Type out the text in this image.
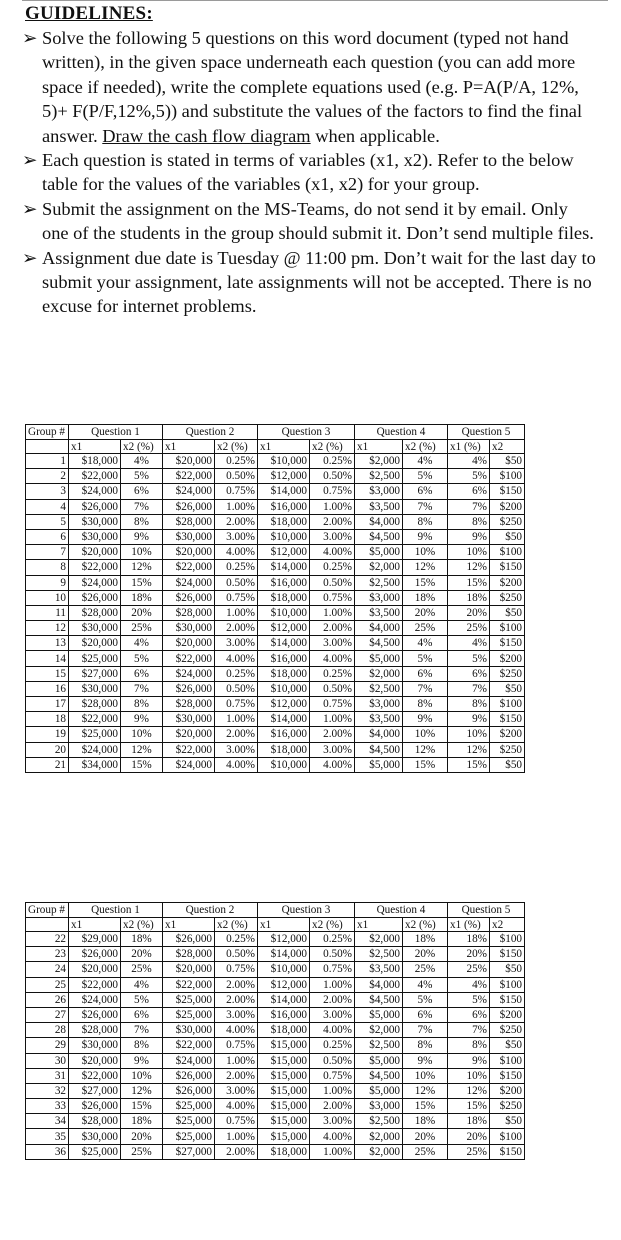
GUIDELINES:
➢ Solve the following 5 questions on this word document (typed not hand written), in the given space underneath each question (you can add more space if needed), write the complete equations used (e.g. P=A(P/A, 12%, 5)+ F(P/F,12%,5)) and substitute the values of the factors to find the final answer. Draw the cash flow diagram when applicable.
➢ Each question is stated in terms of variables (x1, x2). Refer to the below table for the values of the variables (x1, x2) for your group.
➢ Submit the assignment on the MS-Teams, do not send it by email. Only one of the students in the group should submit it. Don’t send multiple files.
➢ Assignment due date is Tuesday @ 11:00 pm. Don’t wait for the last day to submit your assignment, late assignments will not be accepted. There is no excuse for internet problems.
Group #	Question 1		Question 2		Question 3		Question 4		Question 5	
	x1	x2 (%)	x1	x2 (%)	x1	x2 (%)	x1	x2 (%)	x1 (%)	x2
1	$18,000	4%	$20,000	0.25%	$10,000	0.25%	$2,000	4%	4%	$50
2	$22,000	5%	$22,000	0.50%	$12,000	0.50%	$2,500	5%	5%	$100
3	$24,000	6%	$24,000	0.75%	$14,000	0.75%	$3,000	6%	6%	$150
4	$26,000	7%	$26,000	1.00%	$16,000	1.00%	$3,500	7%	7%	$200
5	$30,000	8%	$28,000	2.00%	$18,000	2.00%	$4,000	8%	8%	$250
6	$30,000	9%	$30,000	3.00%	$10,000	3.00%	$4,500	9%	9%	$50
7	$20,000	10%	$20,000	4.00%	$12,000	4.00%	$5,000	10%	10%	$100
8	$22,000	12%	$22,000	0.25%	$14,000	0.25%	$2,000	12%	12%	$150
9	$24,000	15%	$24,000	0.50%	$16,000	0.50%	$2,500	15%	15%	$200
10	$26,000	18%	$26,000	0.75%	$18,000	0.75%	$3,000	18%	18%	$250
11	$28,000	20%	$28,000	1.00%	$10,000	1.00%	$3,500	20%	20%	$50
12	$30,000	25%	$30,000	2.00%	$12,000	2.00%	$4,000	25%	25%	$100
13	$20,000	4%	$20,000	3.00%	$14,000	3.00%	$4,500	4%	4%	$150
14	$25,000	5%	$22,000	4.00%	$16,000	4.00%	$5,000	5%	5%	$200
15	$27,000	6%	$24,000	0.25%	$18,000	0.25%	$2,000	6%	6%	$250
16	$30,000	7%	$26,000	0.50%	$10,000	0.50%	$2,500	7%	7%	$50
17	$28,000	8%	$28,000	0.75%	$12,000	0.75%	$3,000	8%	8%	$100
18	$22,000	9%	$30,000	1.00%	$14,000	1.00%	$3,500	9%	9%	$150
19	$25,000	10%	$20,000	2.00%	$16,000	2.00%	$4,000	10%	10%	$200
20	$24,000	12%	$22,000	3.00%	$18,000	3.00%	$4,500	12%	12%	$250
21	$34,000	15%	$24,000	4.00%	$10,000	4.00%	$5,000	15%	15%	$50
Group #	Question 1		Question 2		Question 3		Question 4		Question 5	
	x1	x2 (%)	x1	x2 (%)	x1	x2 (%)	x1	x2 (%)	x1 (%)	x2
22	$29,000	18%	$26,000	0.25%	$12,000	0.25%	$2,000	18%	18%	$100
23	$26,000	20%	$28,000	0.50%	$14,000	0.50%	$2,500	20%	20%	$150
24	$20,000	25%	$20,000	0.75%	$10,000	0.75%	$3,500	25%	25%	$50
25	$22,000	4%	$22,000	2.00%	$12,000	1.00%	$4,000	4%	4%	$100
26	$24,000	5%	$25,000	2.00%	$14,000	2.00%	$4,500	5%	5%	$150
27	$26,000	6%	$25,000	3.00%	$16,000	3.00%	$5,000	6%	6%	$200
28	$28,000	7%	$30,000	4.00%	$18,000	4.00%	$2,000	7%	7%	$250
29	$30,000	8%	$22,000	0.75%	$15,000	0.25%	$2,500	8%	8%	$50
30	$20,000	9%	$24,000	1.00%	$15,000	0.50%	$5,000	9%	9%	$100
31	$22,000	10%	$26,000	2.00%	$15,000	0.75%	$4,500	10%	10%	$150
32	$27,000	12%	$26,000	3.00%	$15,000	1.00%	$5,000	12%	12%	$200
33	$26,000	15%	$25,000	4.00%	$15,000	2.00%	$3,000	15%	15%	$250
34	$28,000	18%	$25,000	0.75%	$15,000	3.00%	$2,500	18%	18%	$50
35	$30,000	20%	$25,000	1.00%	$15,000	4.00%	$2,000	20%	20%	$100
36	$25,000	25%	$27,000	2.00%	$18,000	1.00%	$2,000	25%	25%	$150
